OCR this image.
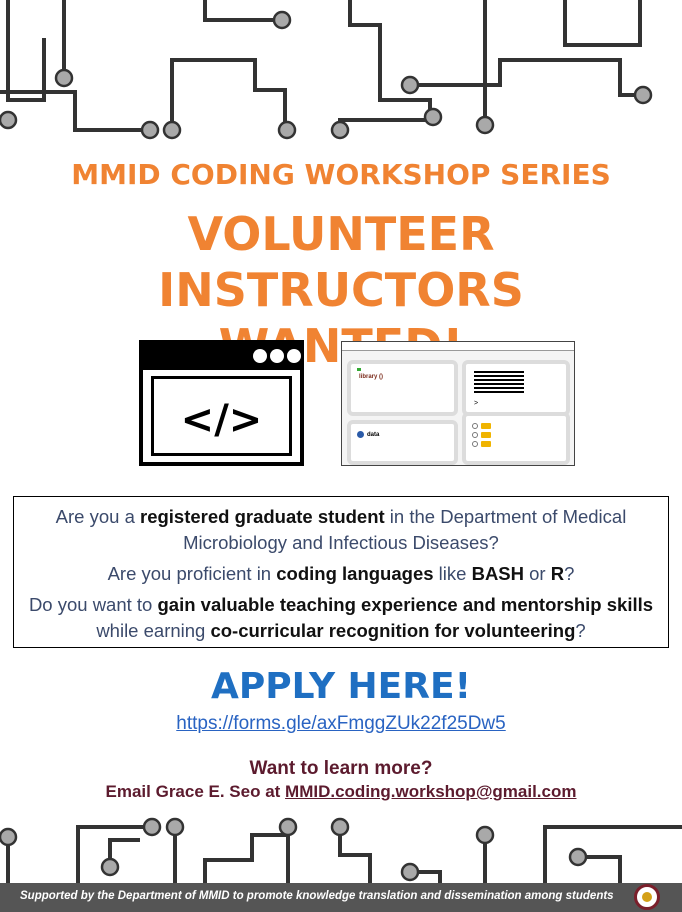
MMID CODING WORKSHOP SERIES
VOLUNTEER INSTRUCTORS
</>
library ()
>
data

Are you a registered graduate student in the Department of Medical Microbiology and Infectious Diseases?

Are you proficient in coding languages like BASH or R?

Do you want to gain valuable teaching experience and mentorship skills while earning co-curricular recognition for volunteering?

APPLY HERE!
https://forms.gle/axFmggZUk22f25Dw5
Want to learn more?
Email Grace E. Seo at MMID.coding.workshop@gmail.com
Supported by the Department of MMID to promote knowledge translation and dissemination among students
